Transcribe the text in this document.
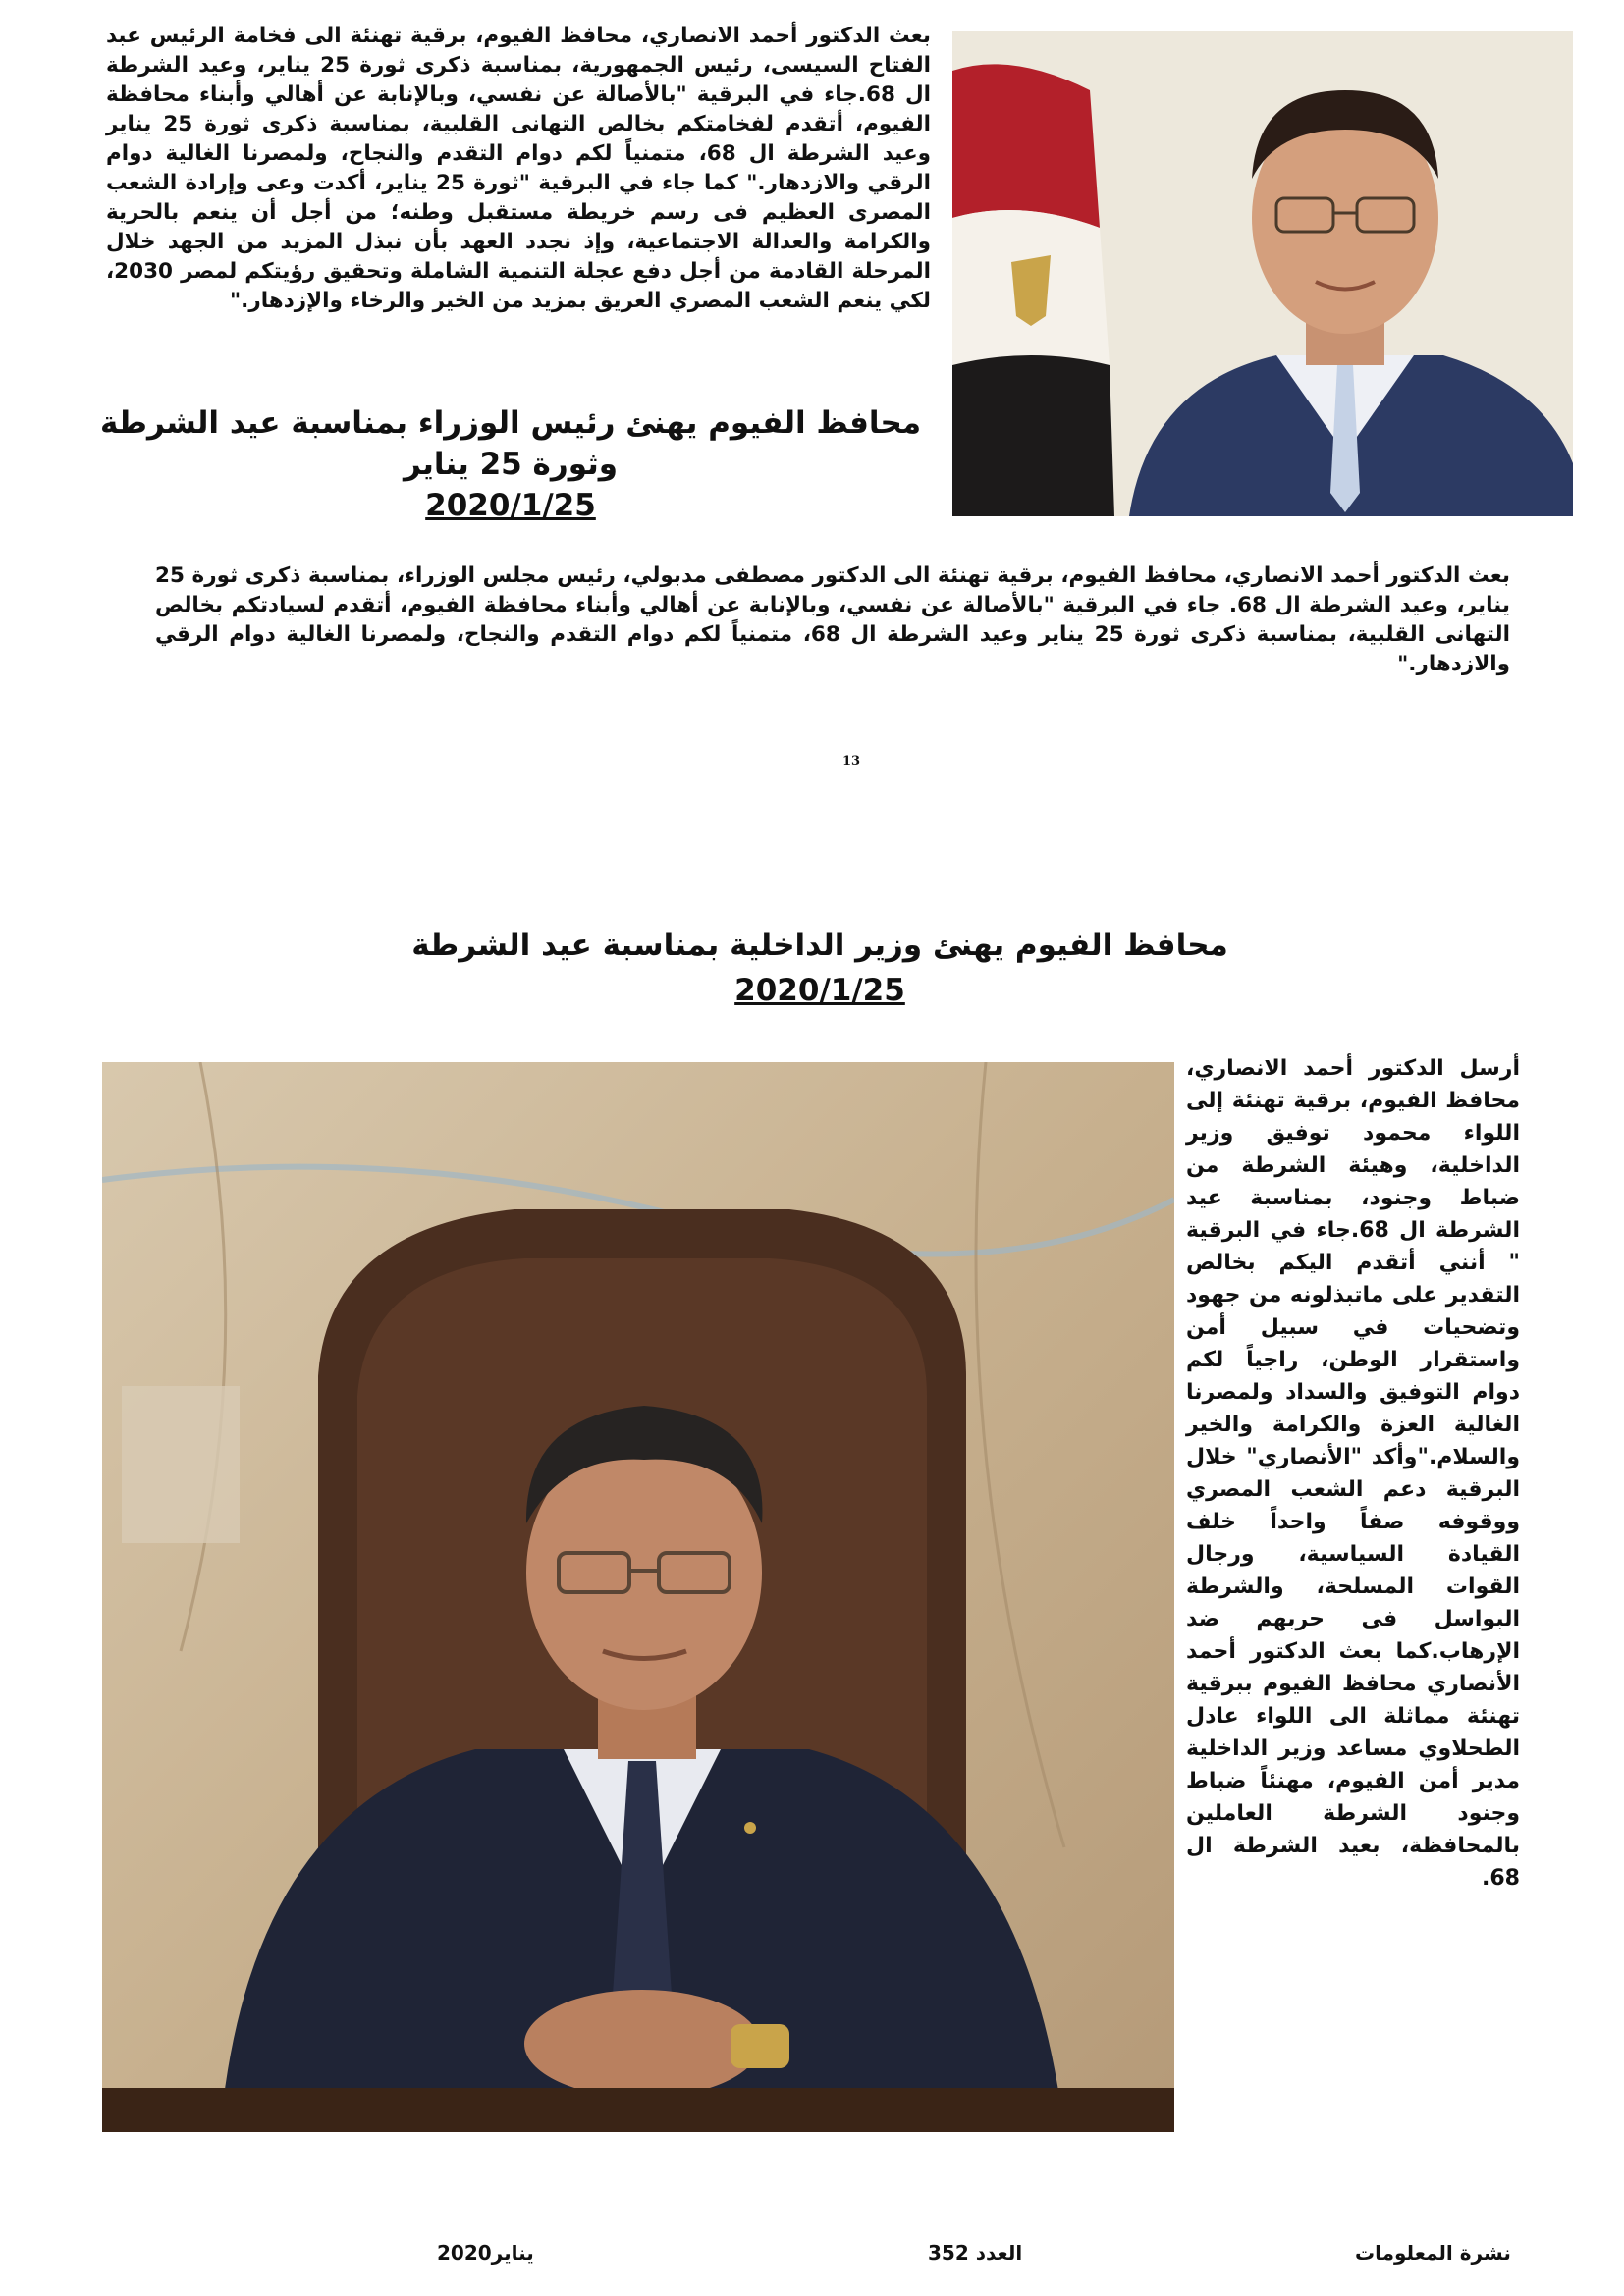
بعث الدكتور أحمد الانصاري، محافظ الفيوم، برقية تهنئة الى فخامة الرئيس عبد الفتاح السيسى، رئيس الجمهورية، بمناسبة ذكرى ثورة 25 يناير، وعيد الشرطة ال 68.جاء في البرقية "بالأصالة عن نفسي، وبالإنابة عن أهالي وأبناء محافظة الفيوم، أتقدم لفخامتكم بخالص التهانى القلبية، بمناسبة ذكرى ثورة 25 يناير وعيد الشرطة ال 68، متمنياً لكم دوام التقدم والنجاح، ولمصرنا الغالية دوام الرقي والازدهار." كما جاء في البرقية "ثورة 25 يناير، أكدت وعى وإرادة الشعب المصرى العظيم فى رسم خريطة مستقبل وطنه؛ من أجل أن ينعم بالحرية والكرامة والعدالة الاجتماعية، وإذ نجدد العهد بأن نبذل المزيد من الجهد خلال المرحلة القادمة من أجل دفع عجلة التنمية الشاملة وتحقيق رؤيتكم لمصر 2030، لكي ينعم الشعب المصري العريق بمزيد من الخير والرخاء والإزدهار."
محافظ الفيوم يهنئ رئيس الوزراء بمناسبة عيد الشرطة وثورة 25 يناير
2020/1/25
بعث الدكتور أحمد الانصاري، محافظ الفيوم، برقية تهنئة الى الدكتور مصطفى مدبولي، رئيس مجلس الوزراء، بمناسبة ذكرى ثورة 25 يناير، وعيد الشرطة ال 68. جاء في البرقية "بالأصالة عن نفسي، وبالإنابة عن أهالي وأبناء محافظة الفيوم، أتقدم لسيادتكم بخالص التهانى القلبية، بمناسبة ذكرى ثورة 25 يناير وعيد الشرطة ال 68، متمنياً لكم دوام التقدم والنجاح، ولمصرنا الغالية دوام الرقي والازدهار."
13
محافظ الفيوم يهنئ وزير الداخلية بمناسبة عيد الشرطة
2020/1/25
أرسل الدكتور أحمد الانصاري، محافظ الفيوم، برقية تهنئة إلى اللواء محمود توفيق وزير الداخلية، وهيئة الشرطة من ضباط وجنود، بمناسبة عيد الشرطة ال 68.جاء في البرقية " أنني أتقدم اليكم بخالص التقدير على ماتبذلونه من جهود وتضحيات في سبيل أمن واستقرار الوطن، راجياً لكم دوام التوفيق والسداد ولمصرنا الغالية العزة والكرامة والخير والسلام."وأكد "الأنصاري" خلال البرقية دعم الشعب المصري ووقوفه صفاً واحداً خلف القيادة السياسية، ورجال القوات المسلحة، والشرطة البواسل فى حربهم ضد الإرهاب.كما بعث الدكتور أحمد الأنصاري محافظ الفيوم ببرقية تهنئة مماثلة الى اللواء عادل الطحلاوي مساعد وزير الداخلية مدير أمن الفيوم، مهنئاً ضباط وجنود الشرطة العاملين بالمحافظة، بعيد الشرطة ال 68.
نشرة المعلومات
العدد 352
يناير2020
